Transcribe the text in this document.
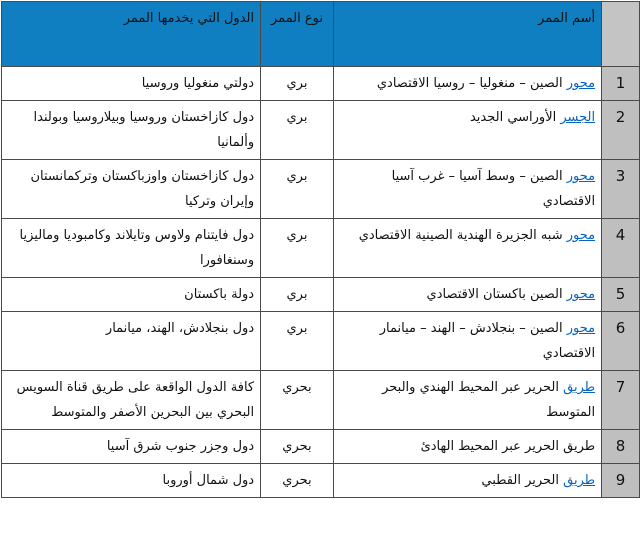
	أسم الممر	نوع الممر	الدول التي يخدمها الممر
1	محور الصين – منغوليا – روسيا الاقتصادي	بري	دولتي منغوليا وروسيا
2	الجسر الأوراسي الجديد	بري	دول كازاخستان وروسيا وبيلاروسيا وبولندا وألمانيا
3	محور الصين – وسط آسيا – غرب آسيا الاقتصادي	بري	دول كازاخستان واوزباكستان وتركمانستان وإيران وتركيا
4	محور شبه الجزيرة الهندية الصينية الاقتصادي	بري	دول فايتنام ولاوس وتايلاند وكامبوديا وماليزيا وسنغافورا
5	محور الصين باكستان الاقتصادي	بري	دولة باكستان
6	محور الصين – بنجلادش – الهند – ميانمار الاقتصادي	بري	دول بنجلادش، الهند، ميانمار
7	طريق الحرير عبر المحيط الهندي والبحر المتوسط	بحري	كافة الدول الواقعة على طريق قناة السويس البحري بين البحرين الأصفر والمتوسط
8	طريق الحرير عبر المحيط الهادئ	بحري	دول وجزر جنوب شرق آسيا
9	طريق الحرير القطبي	بحري	دول شمال أوروبا
